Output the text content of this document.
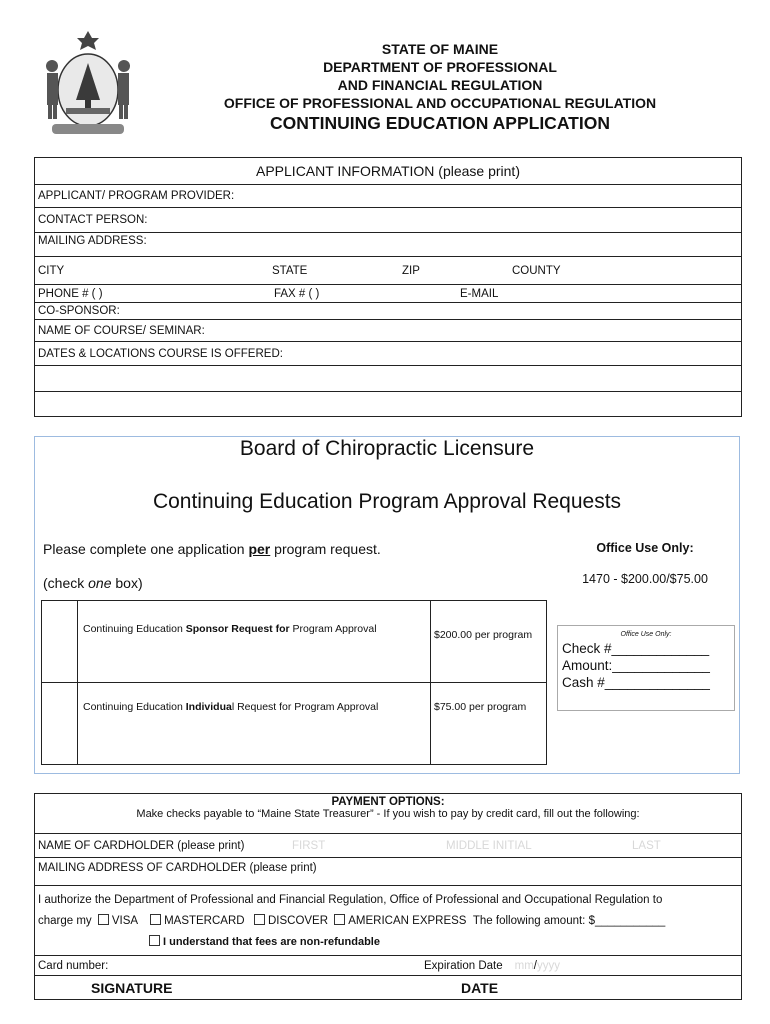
STATE OF MAINE
DEPARTMENT OF PROFESSIONAL
AND FINANCIAL REGULATION
OFFICE OF PROFESSIONAL AND OCCUPATIONAL REGULATION
CONTINUING EDUCATION APPLICATION
APPLICANT INFORMATION (please print)
APPLICANT/ PROGRAM PROVIDER:
CONTACT PERSON:
MAILING ADDRESS:

CITY	STATE	ZIP	COUNTY

PHONE # ( )	FAX # ( )	E-MAIL

CO-SPONSOR:
NAME OF COURSE/ SEMINAR:
DATES & LOCATIONS COURSE IS OFFERED:

Board of Chiropractic Licensure
Continuing Education Program Approval Requests
Please complete one application per program request.
(check one box)
Office Use Only:
1470 - $200.00/$75.00
	Continuing Education Sponsor Request for Program Approval	$200.00 per program
	Continuing Education Individual Request for Program Approval	$75.00 per program
Office Use Only:
Check #_____________
Amount:_____________
Cash #______________
PAYMENT OPTIONS:
Make checks payable to “Maine State Treasurer” - If you wish to pay by credit card, fill out the following:

NAME OF CARDHOLDER (please print)	FIRST	MIDDLE INITIAL	LAST

MAILING ADDRESS OF CARDHOLDER (please print)

I authorize the Department of Professional and Financial Regulation, Office of Professional and Occupational Regulation to
charge my VISA MASTERCARD DISCOVER AMERICAN EXPRESS The following amount: $___________
I understand that fees are non-refundable

Card number:	Expiration Date mm / yyyy

SIGNATURE	DATE
